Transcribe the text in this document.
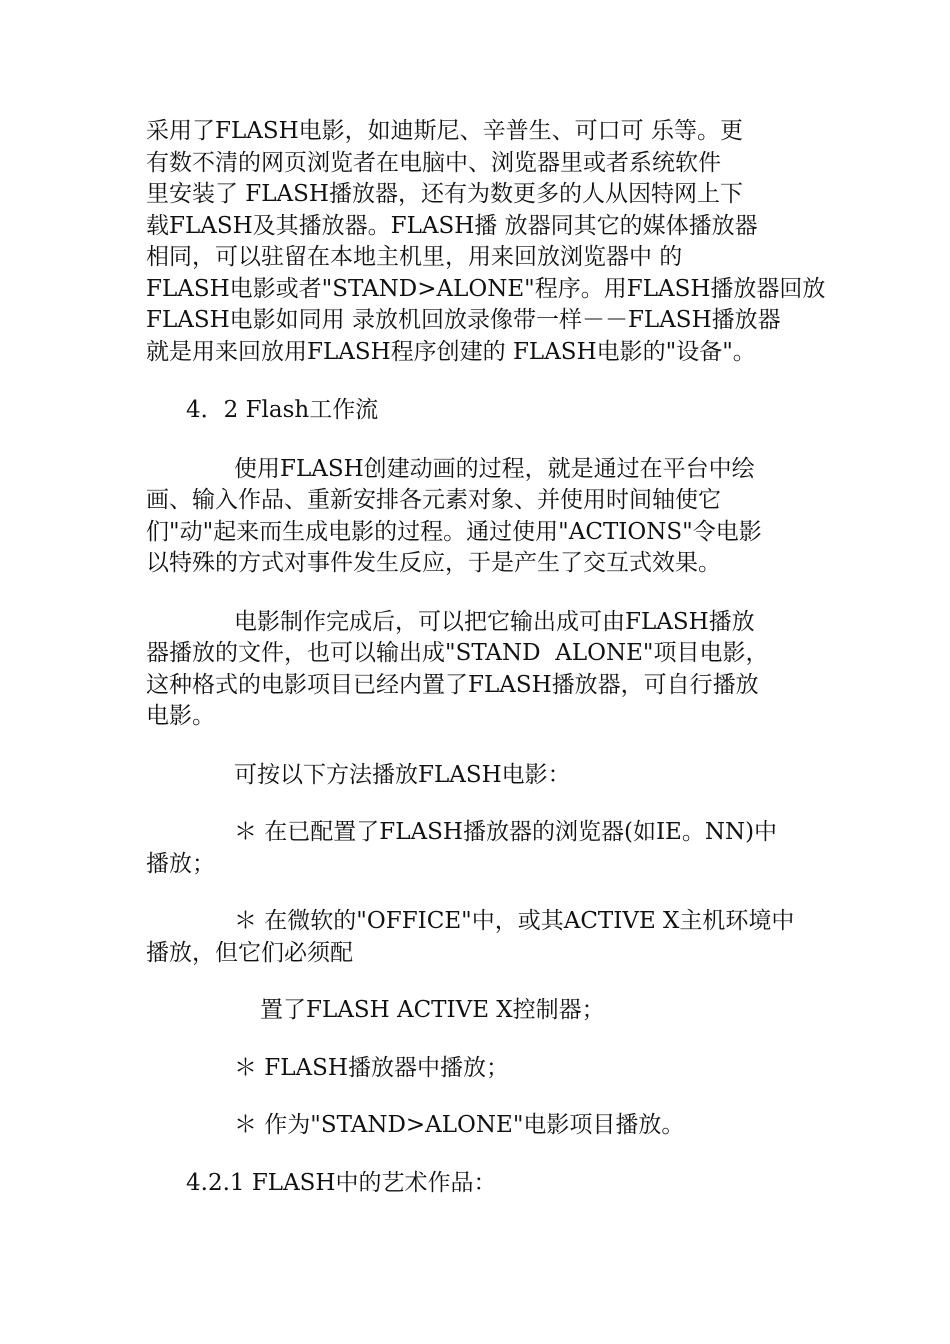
采用了FLASH电影，如迪斯尼、辛普生、可口可 乐等。更
有数不清的网页浏览者在电脑中、浏览器里或者系统软件
里安装了 FLASH播放器，还有为数更多的人从因特网上下
载FLASH及其播放器。FLASH播 放器同其它的媒体播放器
相同，可以驻留在本地主机里，用来回放浏览器中 的
FLASH电影或者"STAND>ALONE"程序。用FLASH播放器回放
FLASH电影如同用 录放机回放录像带一样－－FLASH播放器
就是用来回放用FLASH程序创建的 FLASH电影的"设备"。
4．2 Flash工作流
使用FLASH创建动画的过程，就是通过在平台中绘
画、输入作品、重新安排各元素对象、并使用时间轴使它
们"动"起来而生成电影的过程。通过使用"ACTIONS"令电影
以特殊的方式对事件发生反应，于是产生了交互式效果。
电影制作完成后，可以把它输出成可由FLASH播放
器播放的文件，也可以输出成"STAND  ALONE"项目电影，
这种格式的电影项目已经内置了FLASH播放器，可自行播放
电影。
可按以下方法播放FLASH电影：
＊ 在已配置了FLASH播放器的浏览器(如IE。NN)中
播放；
＊ 在微软的"OFFICE"中，或其ACTIVE X主机环境中
播放，但它们必须配
置了FLASH ACTIVE X控制器；
＊ FLASH播放器中播放；
＊ 作为"STAND>ALONE"电影项目播放。
4.2.1 FLASH中的艺术作品：
